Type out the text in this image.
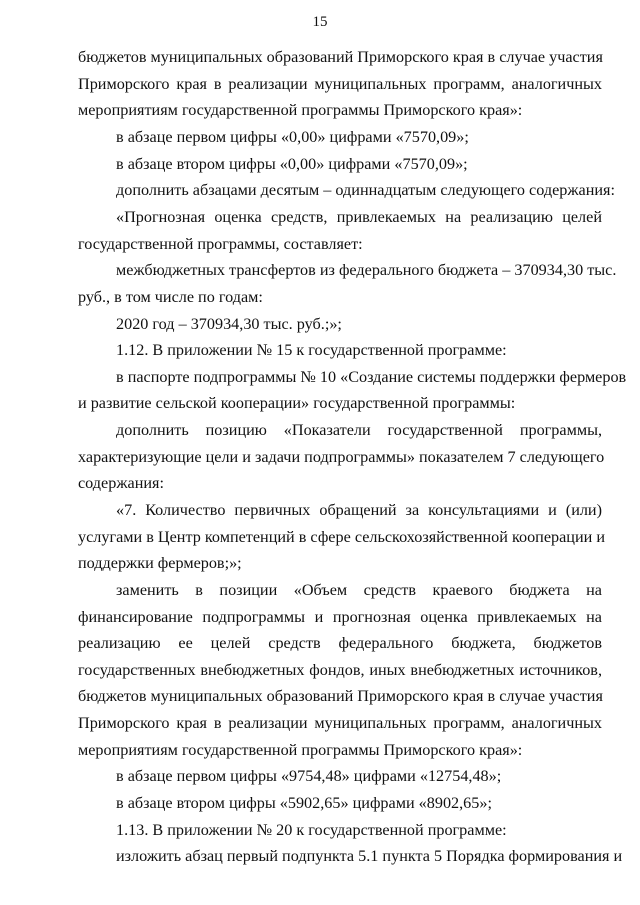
15
бюджетов муниципальных образований Приморского края в случае участия
Приморского края в реализации муниципальных программ, аналогичных
мероприятиям государственной программы Приморского края»:
в абзаце первом цифры «0,00» цифрами «7570,09»;
в абзаце втором цифры «0,00» цифрами «7570,09»;
дополнить абзацами десятым – одиннадцатым следующего содержания:
«Прогнозная оценка средств, привлекаемых на реализацию целей
государственной программы, составляет:
межбюджетных трансфертов из федерального бюджета – 370934,30 тыс.
руб., в том числе по годам:
2020 год – 370934,30 тыс. руб.;»;
1.12. В приложении № 15 к государственной программе:
в паспорте подпрограммы № 10 «Создание системы поддержки фермеров
и развитие сельской кооперации» государственной программы:
дополнить позицию «Показатели государственной программы,
характеризующие цели и задачи подпрограммы» показателем 7 следующего
содержания:
«7. Количество первичных обращений за консультациями и (или)
услугами в Центр компетенций в сфере сельскохозяйственной кооперации и
поддержки фермеров;»;
заменить в позиции «Объем средств краевого бюджета на
финансирование подпрограммы и прогнозная оценка привлекаемых на
реализацию ее целей средств федерального бюджета, бюджетов
государственных внебюджетных фондов, иных внебюджетных источников,
бюджетов муниципальных образований Приморского края в случае участия
Приморского края в реализации муниципальных программ, аналогичных
мероприятиям государственной программы Приморского края»:
в абзаце первом цифры «9754,48» цифрами «12754,48»;
в абзаце втором цифры «5902,65» цифрами «8902,65»;
1.13. В приложении № 20 к государственной программе:
изложить абзац первый подпункта 5.1 пункта 5 Порядка формирования и
